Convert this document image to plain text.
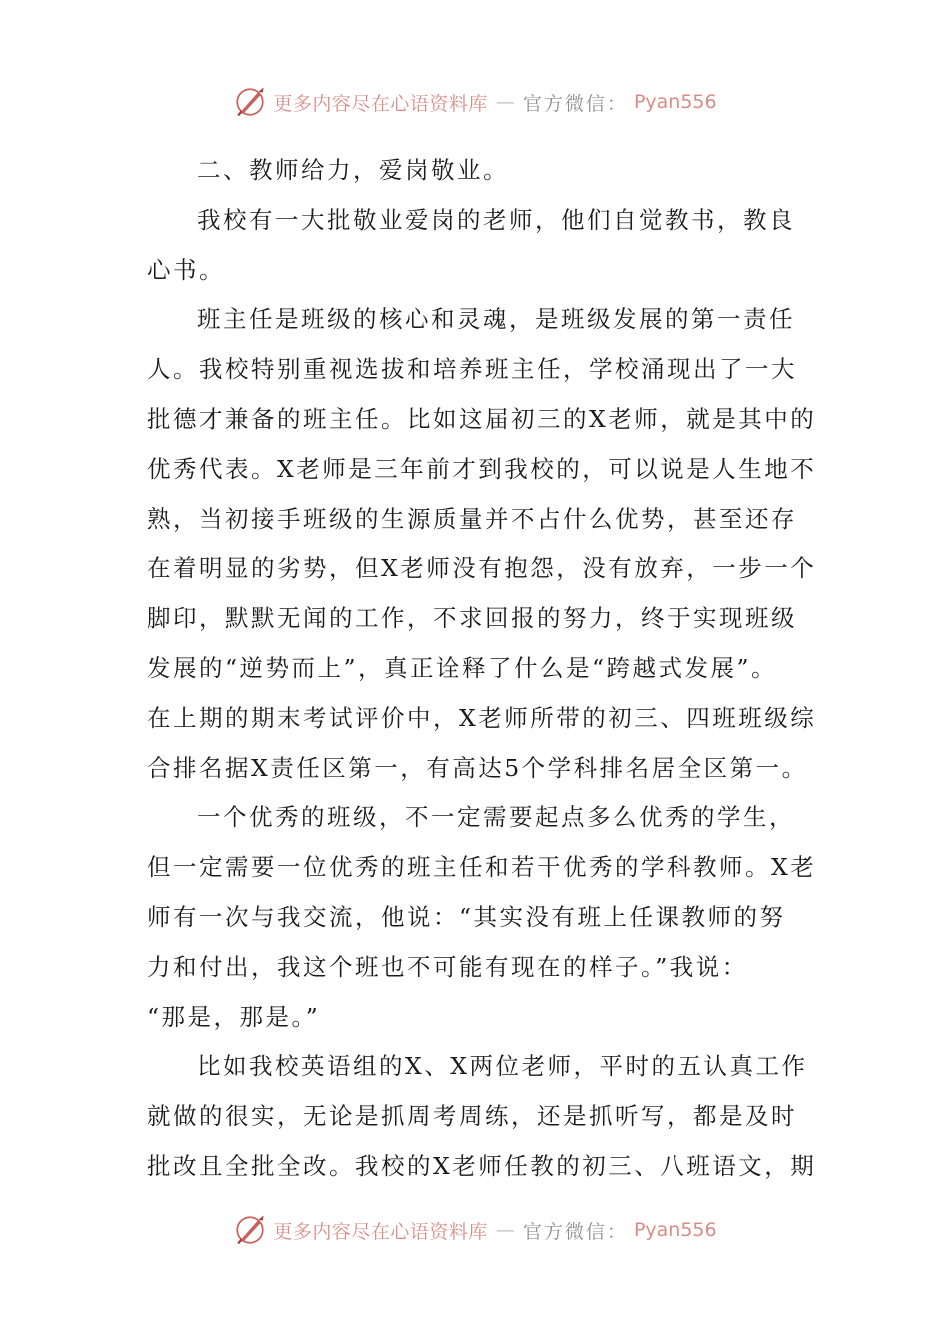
更多内容尽在心语资料库 — 官方微信： Pyan556
二、教师给力，爱岗敬业。
我校有一大批敬业爱岗的老师，他们自觉教书，教良
心书。
班主任是班级的核心和灵魂，是班级发展的第一责任
人。我校特别重视选拔和培养班主任，学校涌现出了一大
批德才兼备的班主任。比如这届初三的X老师，就是其中的
优秀代表。X老师是三年前才到我校的，可以说是人生地不
熟，当初接手班级的生源质量并不占什么优势，甚至还存
在着明显的劣势，但X老师没有抱怨，没有放弃，一步一个
脚印，默默无闻的工作，不求回报的努力，终于实现班级
发展的“逆势而上”，真正诠释了什么是“跨越式发展”。
在上期的期末考试评价中，X老师所带的初三、四班班级综
合排名据X责任区第一，有高达5个学科排名居全区第一。
一个优秀的班级，不一定需要起点多么优秀的学生，
但一定需要一位优秀的班主任和若干优秀的学科教师。X老
师有一次与我交流，他说：“其实没有班上任课教师的努
力和付出，我这个班也不可能有现在的样子。”我说：
“那是，那是。”
比如我校英语组的X、X两位老师，平时的五认真工作
就做的很实，无论是抓周考周练，还是抓听写，都是及时
批改且全批全改。我校的X老师任教的初三、八班语文，期
更多内容尽在心语资料库 — 官方微信： Pyan556
